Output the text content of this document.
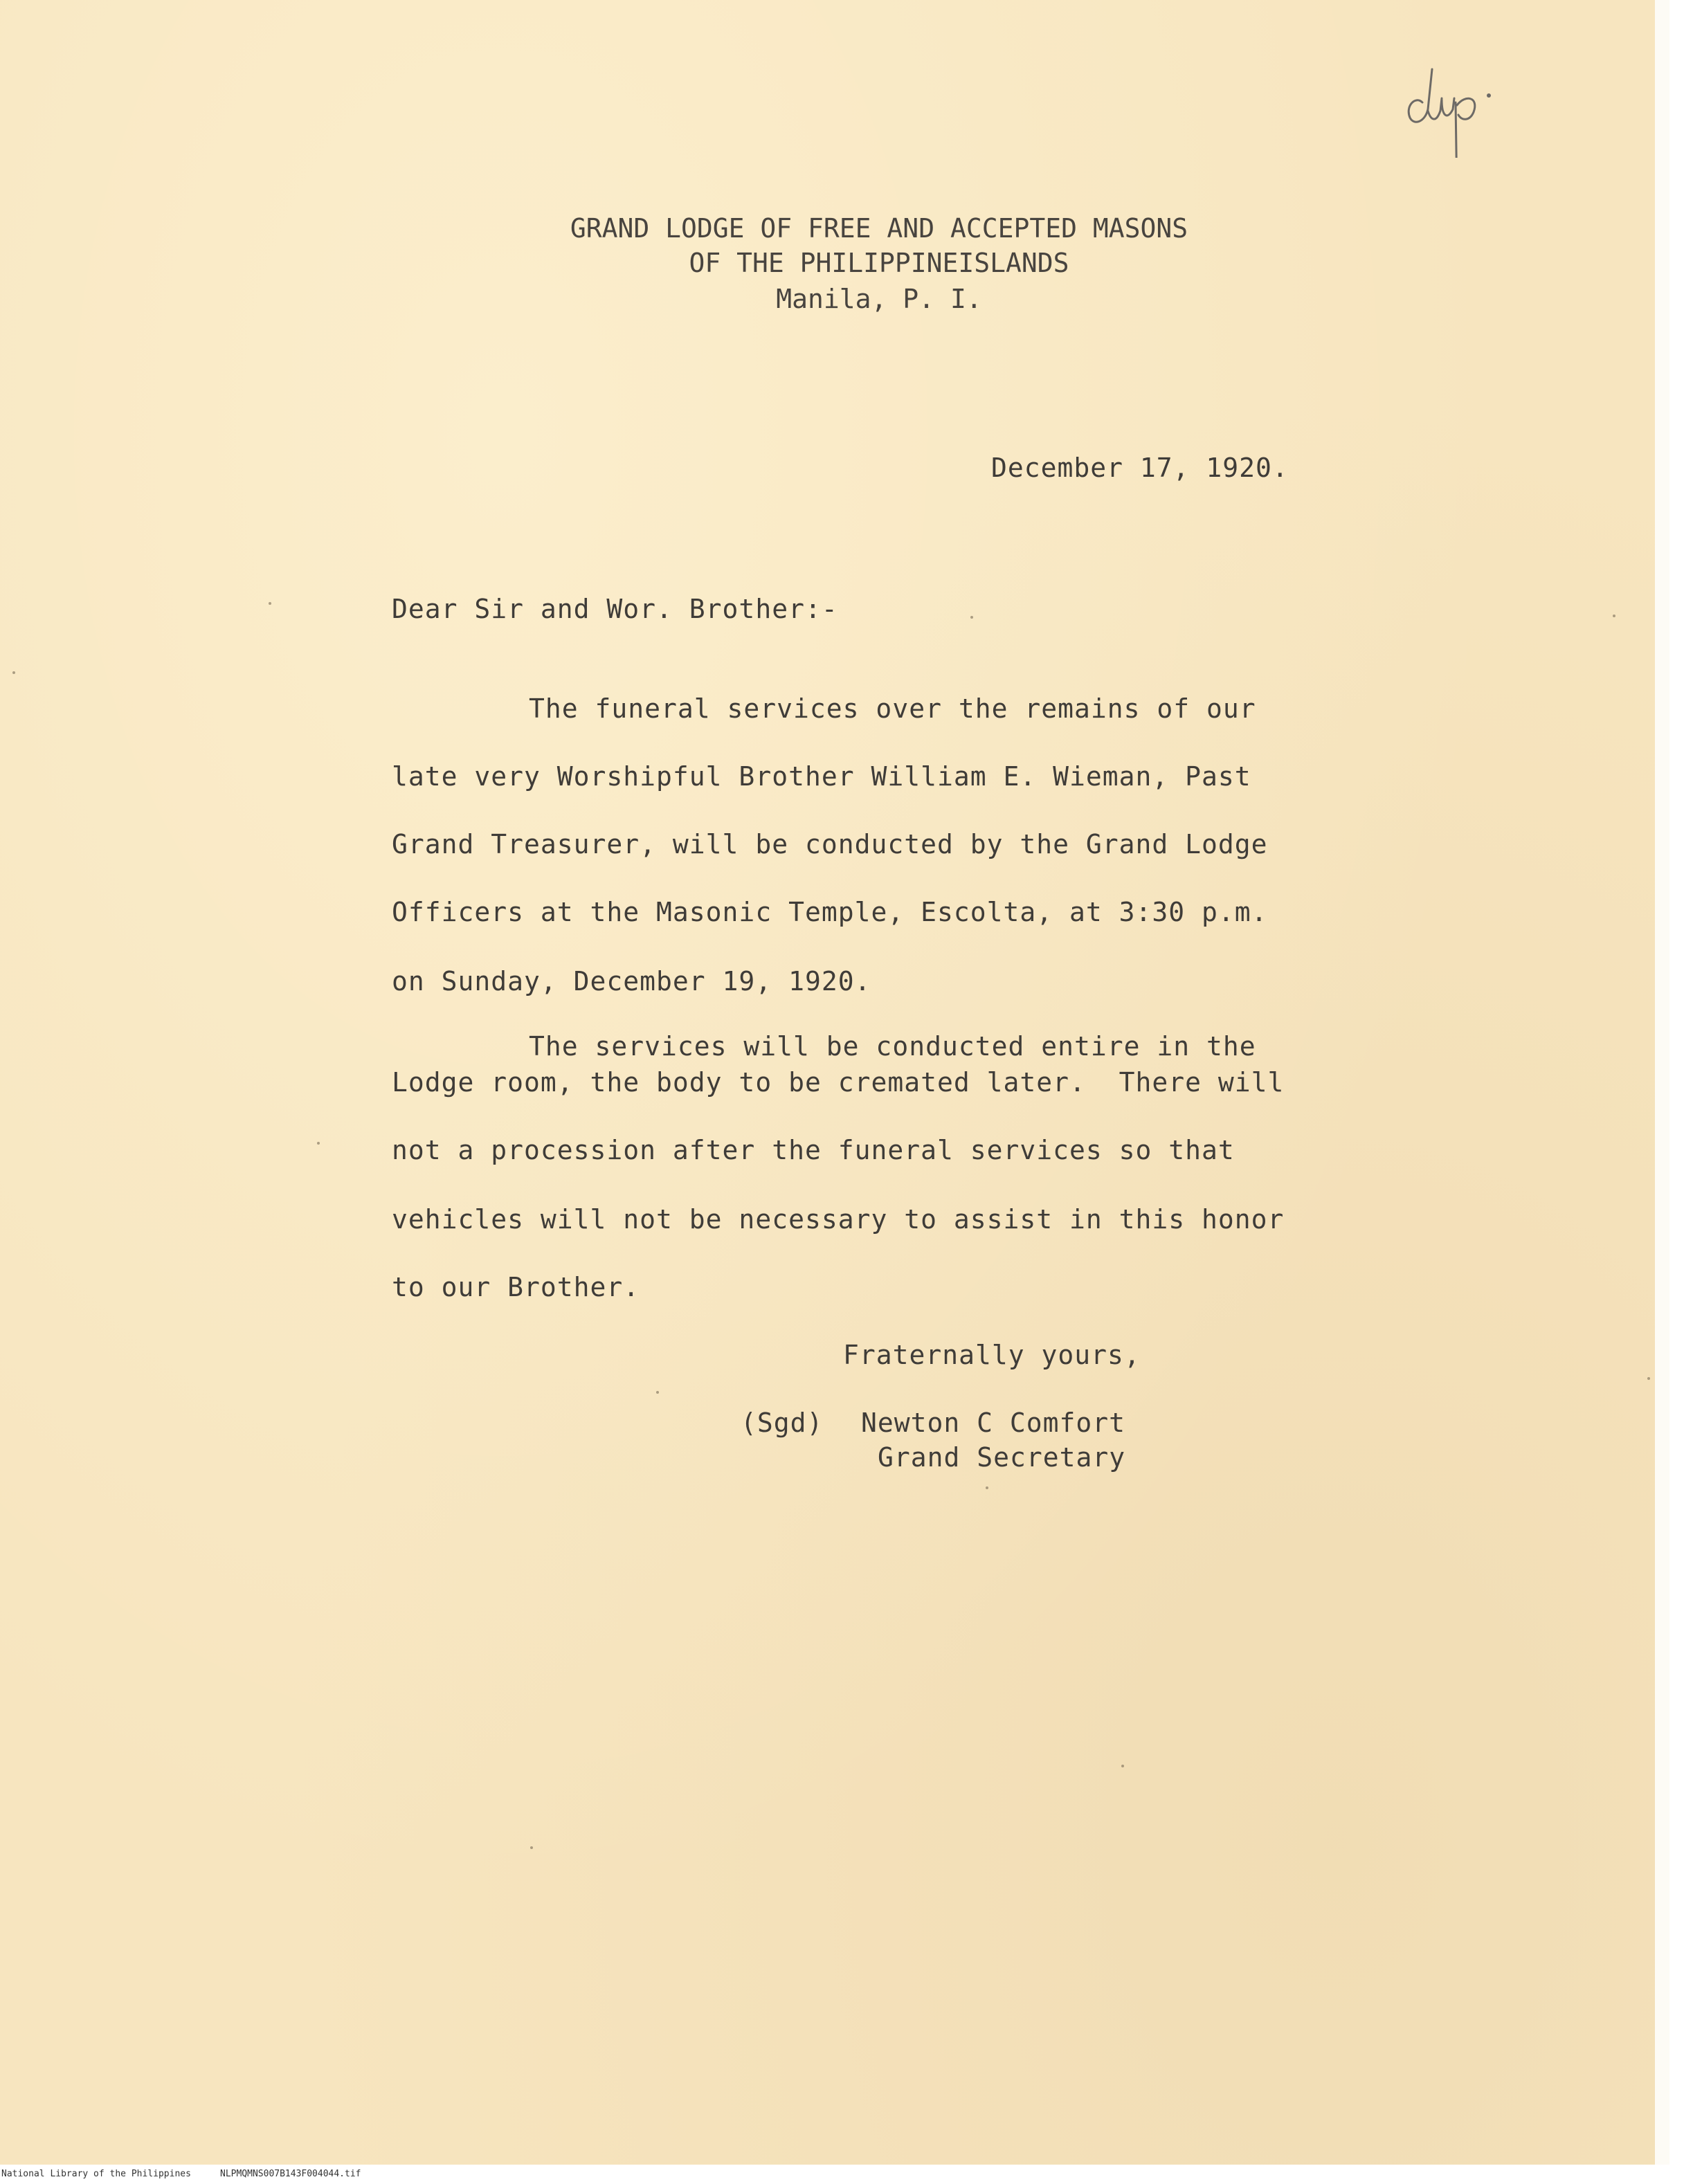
GRAND LODGE OF FREE AND ACCEPTED MASONS
OF THE PHILIPPINEISLANDS
Manila, P. I.
December 17, 1920.
Dear Sir and Wor. Brother:-
The funeral services over the remains of our
late very Worshipful Brother William E. Wieman, Past
Grand Treasurer, will be conducted by the Grand Lodge
Officers at the Masonic Temple, Escolta, at 3:30 p.m.
on Sunday, December 19, 1920.
The services will be conducted entire in the
Lodge room, the body to be cremated later.  There will
not a procession after the funeral services so that
vehicles will not be necessary to assist in this honor
to our Brother.
Fraternally yours,
(Sgd) Newton C Comfort
Grand Secretary
National Library of the Philippines	NLPMQMNS007B143F004044.tif
